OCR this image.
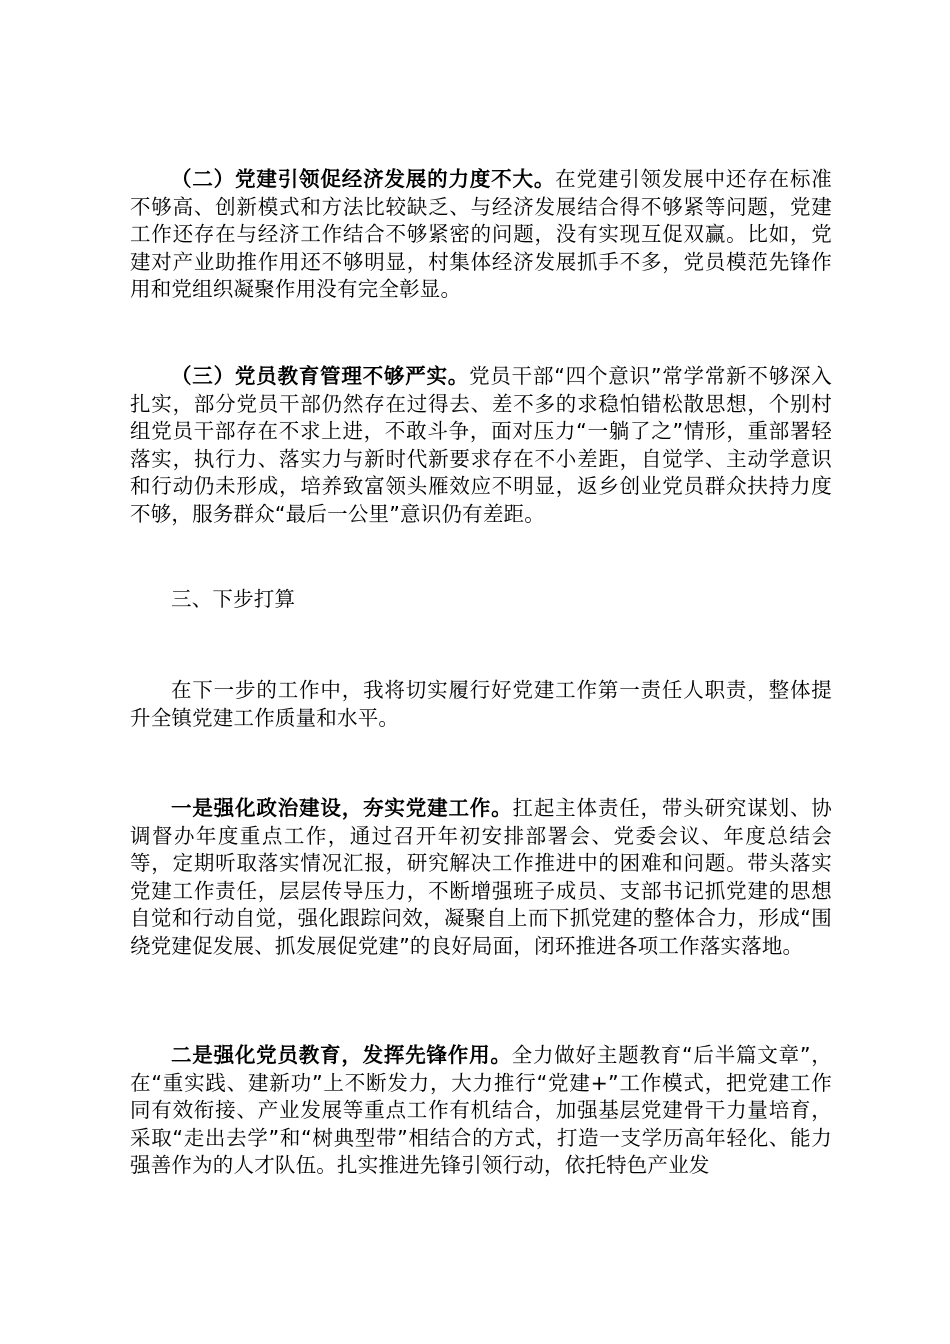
（二）党建引领促经济发展的力度不大。在党建引领发展中还存在标准不够高、创新模式和方法比较缺乏、与经济发展结合得不够紧等问题，党建工作还存在与经济工作结合不够紧密的问题，没有实现互促双赢。比如，党建对产业助推作用还不够明显，村集体经济发展抓手不多，党员模范先锋作用和党组织凝聚作用没有完全彰显。

（三）党员教育管理不够严实。党员干部“四个意识”常学常新不够深入扎实，部分党员干部仍然存在过得去、差不多的求稳怕错松散思想，个别村组党员干部存在不求上进，不敢斗争，面对压力“一躺了之”情形，重部署轻落实，执行力、落实力与新时代新要求存在不小差距，自觉学、主动学意识和行动仍未形成，培养致富领头雁效应不明显，返乡创业党员群众扶持力度不够，服务群众“最后一公里”意识仍有差距。

三、下步打算

在下一步的工作中，我将切实履行好党建工作第一责任人职责，整体提升全镇党建工作质量和水平。

一是强化政治建设，夯实党建工作。扛起主体责任，带头研究谋划、协调督办年度重点工作，通过召开年初安排部署会、党委会议、年度总结会等，定期听取落实情况汇报，研究解决工作推进中的困难和问题。带头落实党建工作责任，层层传导压力，不断增强班子成员、支部书记抓党建的思想自觉和行动自觉，强化跟踪问效，凝聚自上而下抓党建的整体合力，形成“围绕党建促发展、抓发展促党建”的良好局面，闭环推进各项工作落实落地。

二是强化党员教育，发挥先锋作用。全力做好主题教育“后半篇文章”，在“重实践、建新功”上不断发力，大力推行“党建+”工作模式，把党建工作同有效衔接、产业发展等重点工作有机结合，加强基层党建骨干力量培育，采取“走出去学”和“树典型带”相结合的方式，打造一支学历高年轻化、能力强善作为的人才队伍。扎实推进先锋引领行动，依托特色产业发
